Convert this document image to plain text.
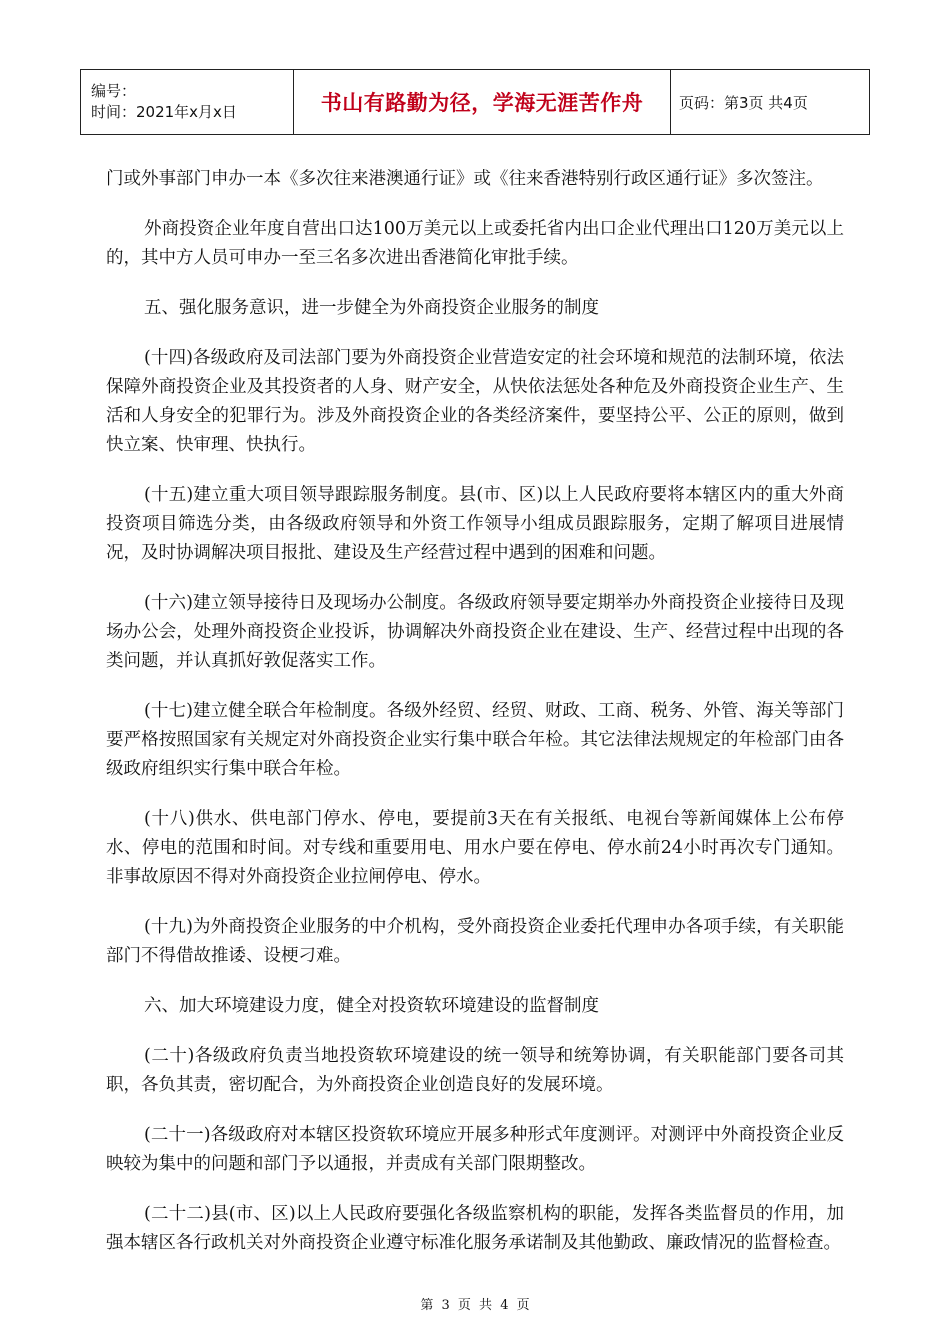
编号：
时间：2021年x月x日	书山有路勤为径，学海无涯苦作舟	页码：第3页 共4页

门或外事部门申办一本《多次往来港澳通行证》或《往来香港特别行政区通行证》多次签注。

外商投资企业年度自营出口达100万美元以上或委托省内出口企业代理出口120万美元以上的，其中方人员可申办一至三名多次进出香港简化审批手续。

五、强化服务意识，进一步健全为外商投资企业服务的制度

(十四)各级政府及司法部门要为外商投资企业营造安定的社会环境和规范的法制环境，依法保障外商投资企业及其投资者的人身、财产安全，从快依法惩处各种危及外商投资企业生产、生活和人身安全的犯罪行为。涉及外商投资企业的各类经济案件，要坚持公平、公正的原则，做到快立案、快审理、快执行。

(十五)建立重大项目领导跟踪服务制度。县(市、区)以上人民政府要将本辖区内的重大外商投资项目筛选分类，由各级政府领导和外资工作领导小组成员跟踪服务，定期了解项目进展情况，及时协调解决项目报批、建设及生产经营过程中遇到的困难和问题。

(十六)建立领导接待日及现场办公制度。各级政府领导要定期举办外商投资企业接待日及现场办公会，处理外商投资企业投诉，协调解决外商投资企业在建设、生产、经营过程中出现的各类问题，并认真抓好敦促落实工作。

(十七)建立健全联合年检制度。各级外经贸、经贸、财政、工商、税务、外管、海关等部门要严格按照国家有关规定对外商投资企业实行集中联合年检。其它法律法规规定的年检部门由各级政府组织实行集中联合年检。

(十八)供水、供电部门停水、停电，要提前3天在有关报纸、电视台等新闻媒体上公布停水、停电的范围和时间。对专线和重要用电、用水户要在停电、停水前24小时再次专门通知。非事故原因不得对外商投资企业拉闸停电、停水。

(十九)为外商投资企业服务的中介机构，受外商投资企业委托代理申办各项手续，有关职能部门不得借故推诿、设梗刁难。

六、加大环境建设力度，健全对投资软环境建设的监督制度

(二十)各级政府负责当地投资软环境建设的统一领导和统筹协调，有关职能部门要各司其职，各负其责，密切配合，为外商投资企业创造良好的发展环境。

(二十一)各级政府对本辖区投资软环境应开展多种形式年度测评。对测评中外商投资企业反映较为集中的问题和部门予以通报，并责成有关部门限期整改。

(二十二)县(市、区)以上人民政府要强化各级监察机构的职能，发挥各类监督员的作用，加强本辖区各行政机关对外商投资企业遵守标准化服务承诺制及其他勤政、廉政情况的监督检查。

第 3 页 共 4 页
